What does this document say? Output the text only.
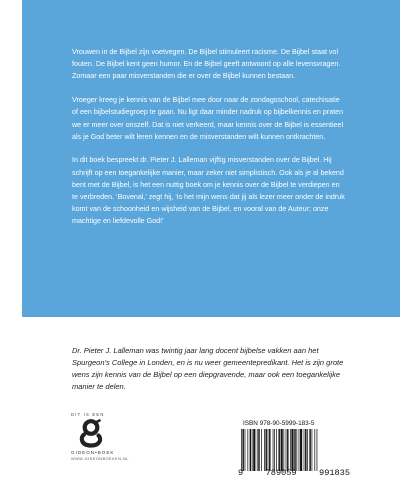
Vrouwen in de Bijbel zijn voetvegen. De Bijbel stimuleert racisme. De Bijbel staat vol fouten. De Bijbel kent geen humor. En de Bijbel geeft antwoord op alle levensvragen. Zomaar een paar misverstanden die er over de Bijbel kunnen bestaan.

Vroeger kreeg je kennis van de Bijbel mee door naar de zondagsschool, catechisatie of een bijbelstudiegroep te gaan. Nu ligt daar minder nadruk op bijbelkennis en praten we er meer over onszelf. Dat is niet verkeerd, maar kennis over de Bijbel is essentieel als je God beter wilt leren kennen en de misverstanden wilt kunnen ontkrachten.

In dit boek bespreekt dr. Pieter J. Lalleman vijftig misverstanden over de Bijbel. Hij schrijft op een toegankelijke manier, maar zeker niet simplistisch. Ook als je al bekend bent met de Bijbel, is het een nuttig boek om je kennis over de Bijbel te verdiepen en te verbreden. ‘Bovenal,’ zegt hij, ‘is het mijn wens dat jij als lezer meer onder de indruk komt van de schoonheid en wijsheid van de Bijbel, en vooral van de Auteur; onze machtige en liefdevolle God!’

Dr. Pieter J. Lalleman was twintig jaar lang docent bijbelse vakken aan het Spurgeon’s College in Londen, en is nu weer gemeentepredikant. Het is zijn grote wens zijn kennis van de Bijbel op een diepgravende, maar ook een toegankelijke manier te delen.

DIT IS EEN
GIDEON•BOEK
WWW.GIDEONBOEKEN.NL
ISBN 978-90-5999-183-5
9	789059	991835
